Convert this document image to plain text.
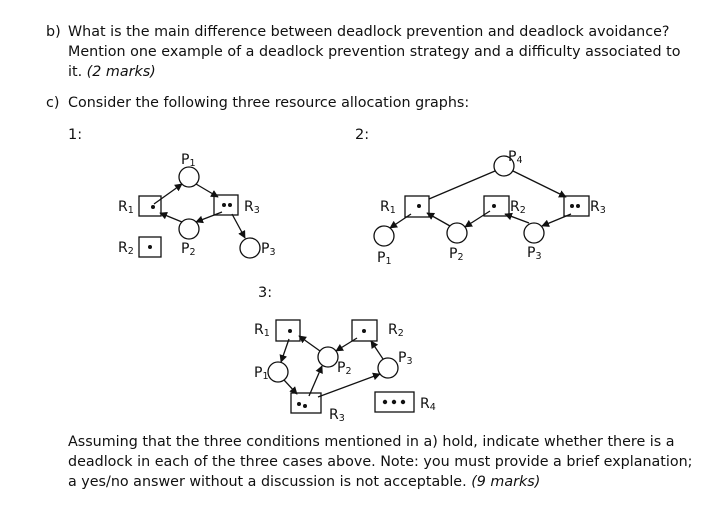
b) What is the main difference between deadlock prevention and deadlock avoidance?
Mention one example of a deadlock prevention strategy and a difficulty associated to
it. (2 marks)
c) Consider the following three resource allocation graphs:
1:	2:
3:
$P_1$
$R_1$	$R_3$
$R_2$	$P_2$	$P_3$
$P_4$
$R_1$	$R_2$	$R_3$
$P_1$	$P_2$	$P_3$
$R_1$	$R_2$
$P_3$
$P_2$
$P_1$
$R_4$
$R_3$
Assuming that the three conditions mentioned in a) hold, indicate whether there is a
deadlock in each of the three cases above. Note: you must provide a brief explanation;
a yes/no answer without a discussion is not acceptable. (9 marks)
